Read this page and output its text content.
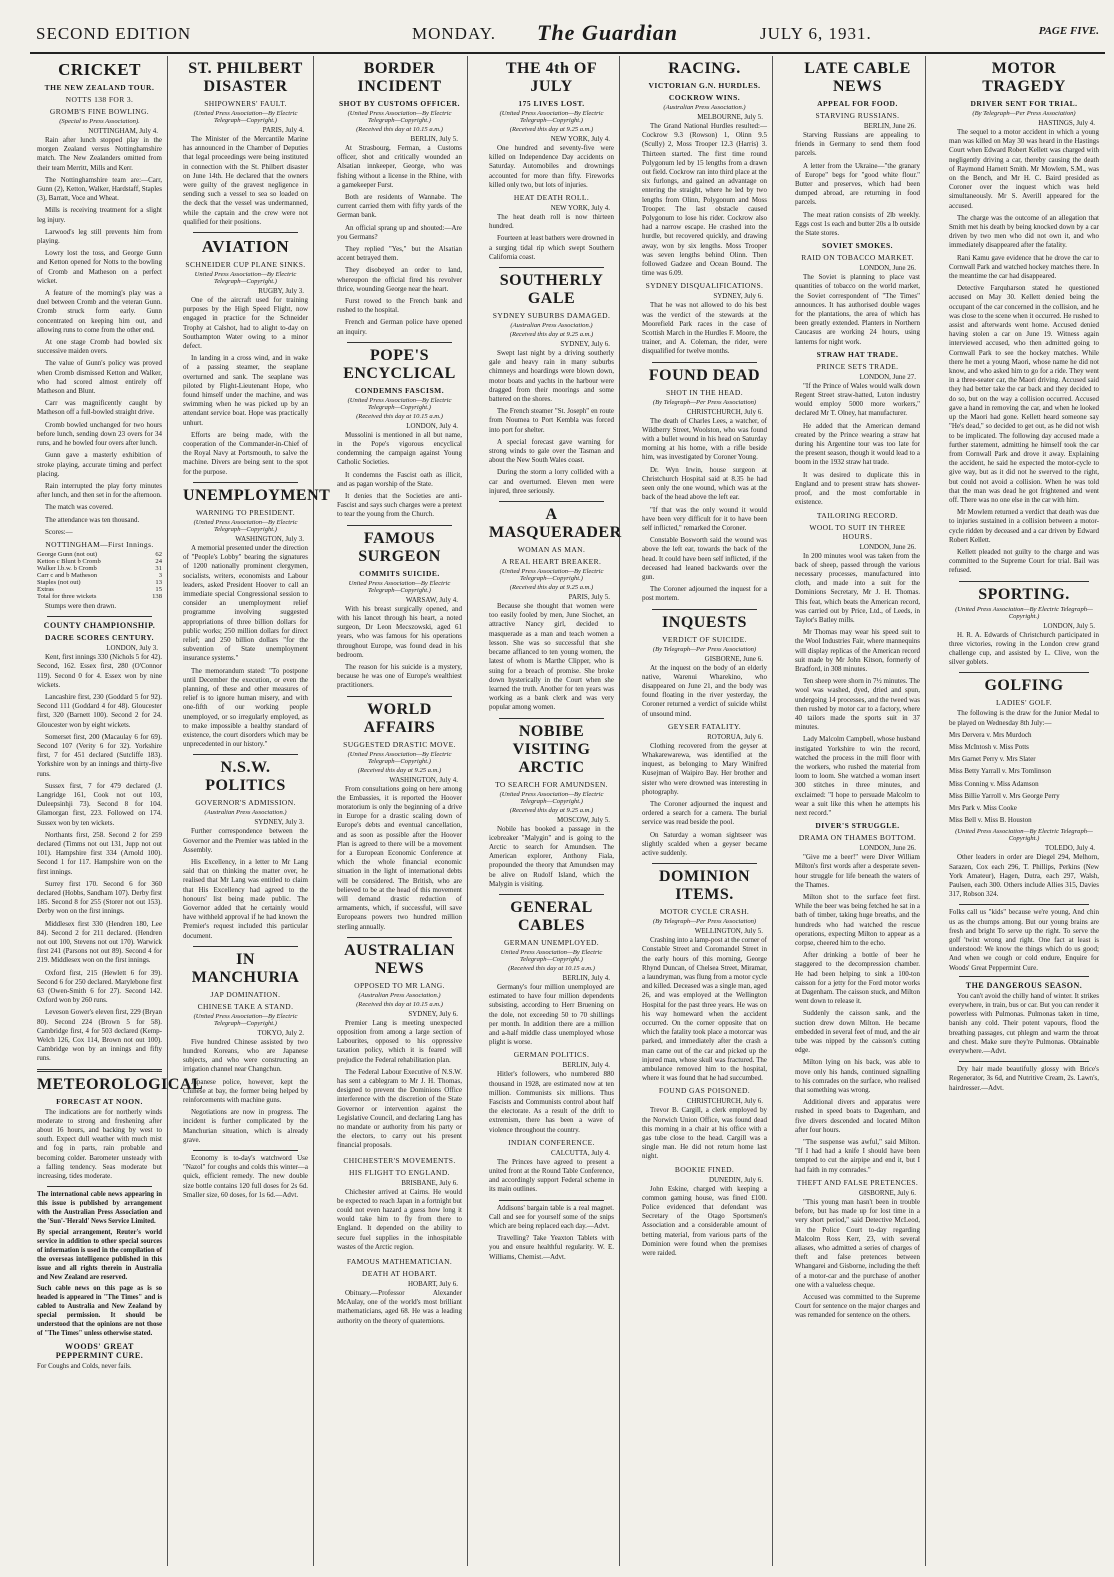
SECOND EDITION	MONDAY. The Guardian	JULY 6, 1931.	PAGE FIVE.
CRICKET
THE NEW ZEALAND TOUR.
NOTTS 138 FOR 3.
GROMB'S FINE BOWLING.
(Special to Press Association).
NOTTINGHAM, July 4.

Rain after lunch stopped play in the morgen Zealand versus Nottinghamshire match. The New Zealanders omitted from their team Merritt, Mills and Kerr.

The Nottinghamshire team are:—Carr, Gunn (2), Ketton, Walker, Hardstaff, Staples (3), Barratt, Voce and Wheat.

Mills is receiving treatment for a slight leg injury.

Larwood's leg still prevents him from playing.

Lowry lost the toss, and George Gunn and Ketton opened for Notts to the bowling of Cromb and Matheson on a perfect wicket.

A feature of the morning's play was a duel between Cromb and the veteran Gunn. Cromb struck form early. Gunn concentrated on keeping him out, and allowing runs to come from the other end.

At one stage Cromb had bowled six successive maiden overs.

The value of Gunn's policy was proved when Cromb dismissed Ketton and Walker, who had scored almost entirely off Matheson and Blunt.

Carr was magnificently caught by Matheson off a full-bowled straight drive.

Cromb bowled unchanged for two hours before lunch, sending down 23 overs for 34 runs, and he bowled four overs after lunch.

Gunn gave a masterly exhibition of stroke playing, accurate timing and perfect placing.

Rain interrupted the play forty minutes after lunch, and then set in for the afternoon.

The match was covered.

The attendance was ten thousand.

Scores:—

NOTTINGHAM—First Innings.
George Gunn (not out)	62
Ketton c Blunt b Cromb	24
Walker l.b.w. b Cromb	31
Carr c and b Matheson	3
Staples (not out)	13
Extras	15
Total for three wickets	138

Stumps were then drawn.

COUNTY CHAMPIONSHIP.
DACRE SCORES CENTURY.
LONDON, July 3.

Kent, first innings 330 (Nichols 5 for 42). Second, 162. Essex first, 280 (O'Connor 119). Second 0 for 4. Essex won by nine wickets.

Lancashire first, 230 (Goddard 5 for 92). Second 111 (Goddard 4 for 48). Gloucester first, 320 (Barnett 100). Second 2 for 24. Gloucester won by eight wickets.

Somerset first, 200 (Macaulay 6 for 69). Second 107 (Verity 6 for 32). Yorkshire first, 7 for 451 declared (Sutcliffe 183). Yorkshire won by an innings and thirty-five runs.

Sussex first, 7 for 479 declared (J. Langridge 161, Cook not out 103, Duleepsinhji 73). Second 8 for 104. Glamorgan first, 223. Followed on 174. Sussex won by ten wickets.

Northants first, 258. Second 2 for 259 declared (Timms not out 131, Jupp not out 101). Hampshire first 334 (Arnold 100). Second 1 for 117. Hampshire won on the first innings.

Surrey first 170. Second 6 for 360 declared (Hobbs, Sandham 107). Derby first 185. Second 8 for 255 (Storer not out 153). Derby won on the first innings.

Middlesex first 330 (Hendren 180, Lee 84). Second 2 for 211 declared. (Hendren not out 100, Stevens not out 170). Warwick first 241 (Parsons not out 89). Second 4 for 219. Middlesex won on the first innings.

Oxford first, 215 (Hewlett 6 for 39). Second 6 for 250 declared. Marylebone first 63 (Owen-Smith 6 for 27). Second 142. Oxford won by 260 runs.

Leveson Gower's eleven first, 229 (Bryan 80). Second 224 (Brown 5 for 58). Cambridge first, 4 for 503 declared (Kemp-Welch 126, Cox 114, Brown not out 100). Cambridge won by an innings and fifty runs.

METEOROLOGICAL
FORECAST AT NOON.

The indications are for northerly winds moderate to strong and freshening after about 16 hours, and backing by west to south. Expect dull weather with much mist and fog in parts, rain probable and becoming colder. Barometer unsteady with a falling tendency. Seas moderate but increasing, tides moderate.

The international cable news appearing in this issue is published by arrangement with the Australian Press Association and the 'Sun'-'Herald' News Service Limited.

By special arrangement, Reuter's world service in addition to other special sources of information is used in the compilation of the overseas intelligence published in this issue and all rights therein in Australia and New Zealand are reserved.

Such cable news on this page as is so headed is appeared in "The Times" and is cabled to Australia and New Zealand by special permission. It should be understood that the opinions are not those of "The Times" unless otherwise stated.

WOODS' GREAT PEPPERMINT CURE.

For Coughs and Colds, never fails.

ST. PHILBERT DISASTER
SHIPOWNERS' FAULT.
(United Press Association—By Electric Telegraph—Copyright.)
PARIS, July 4.

The Minister of the Mercantile Marine has announced in the Chamber of Deputies that legal proceedings were being instituted in connection with the St. Philbert disaster on June 14th. He declared that the owners were guilty of the gravest negligence in sending such a vessel to sea so loaded on the deck that the vessel was undermanned, while the captain and the crew were not qualified for their positions.

AVIATION
SCHNEIDER CUP PLANE SINKS.
United Press Association—By Electric Telegraph—Copyright.)
RUGBY, July 3.

One of the aircraft used for training purposes by the High Speed Flight, now engaged in practice for the Schneider Trophy at Calshot, had to alight to-day on Southampton Water owing to a minor defect.

In landing in a cross wind, and in wake of a passing steamer, the seaplane overturned and sank. The seaplane was piloted by Flight-Lieutenant Hope, who found himself under the machine, and was swimming when he was picked up by an attendant service boat. Hope was practically unhurt.

Efforts are being made, with the cooperation of the Commander-in-Chief of the Royal Navy at Portsmouth, to salve the machine. Divers are being sent to the spot for the purpose.

UNEMPLOYMENT
WARNING TO PRESIDENT.
(United Press Association—By Electric Telegraph—Copyright.)
WASHINGTON, July 3.

A memorial presented under the direction of "People's Lobby" bearing the signatures of 1200 nationally prominent clergymen, socialists, writers, economists and Labour leaders, asked President Hoover to call an immediate special Congressional session to consider an unemployment relief programme involving suggested appropriations of three billion dollars for public works; 250 million dollars for direct relief; and 250 billion dollars "for the subvention of State unemployment insurance systems."

The memorandum stated: "To postpone until December the execution, or even the planning, of these and other measures of relief is to ignore human misery, and with one-fifth of our working people unemployed, or so irregularly employed, as to make impossible a healthy standard of existence, the court disorders which may be unprecedented in our history."

N.S.W. POLITICS
GOVERNOR'S ADMISSION.
(Australian Press Association.)
SYDNEY, July 3.

Further correspondence between the Governor and the Premier was tabled in the Assembly.

His Excellency, in a letter to Mr Lang said that on thinking the matter over, he realised that Mr Lang was entitled to claim that His Excellency had agreed to the honours' list being made public. The Governor added that he certainly would have withheld approval if he had known the Premier's request included this particular document.

IN MANCHURIA
JAP DOMINATION.
CHINESE TAKE A STAND.
(United Press Association—By Electric Telegraph—Copyright.)
TOKYO, July 2.

Five hundred Chinese assisted by two hundred Koreans, who are Japanese subjects, and who were constructing an irrigation channel near Changchun.

Japanese police, however, kept the Chinese at bay, the former being helped by reinforcements with machine guns.

Negotiations are now in progress. The incident is further complicated by the Manchurian situation, which is already grave.

Economy is to-day's watchword Use "Nazol" for coughs and colds this winter—a quick, efficient remedy. The new double size bottle contains 120 full doses for 2s 6d. Smaller size, 60 doses, for 1s 6d.—Advt.

BORDER INCIDENT
SHOT BY CUSTOMS OFFICER.
(United Press Association—By Electric Telegraph—Copyright.)
(Received this day at 10.15 a.m.)
BERLIN, July 5.

At Strasbourg, Ferman, a Customs officer, shot and critically wounded an Alsatian innkeeper, George, who was fishing without a license in the Rhine, with a gamekeeper Furst.

Both are residents of Wannabe. The current carried them with fifty yards of the German bank.

An official sprang up and shouted:—Are you Germans?

They replied "Yes," but the Alsatian accent betrayed them.

They disobeyed an order to land, whereupon the official fired his revolver thrice, wounding George near the heart.

Furst rowed to the French bank and rushed to the hospital.

French and German police have opened an inquiry.

POPE'S ENCYCLICAL
CONDEMNS FASCISM.
(United Press Association—By Electric Telegraph—Copyright.)
(Received this day at 10.15 a.m.)
LONDON, July 4.

Mussolini is mentioned in all but name, in the Pope's vigorous encyclical condemning the campaign against Young Catholic Societies.

It condemns the Fascist oath as illicit, and as pagan worship of the State.

It denies that the Societies are anti-Fascist and says such charges were a pretext to tear the young from the Church.

FAMOUS SURGEON
COMMITS SUICIDE.
United Press Association—By Electric Telegraph—Copyright.)
WARSAW, July 4.

With his breast surgically opened, and with his lancet through his heart, a noted surgeon, Dr Leon Mecszowski, aged 61 years, who was famous for his operations throughout Europe, was found dead in his bedroom.

The reason for his suicide is a mystery, because he was one of Europe's wealthiest practitioners.

WORLD AFFAIRS
SUGGESTED DRASTIC MOVE.
(United Press Association—By Electric Telegraph—Copyright.)
(Received this day at 9.25 a.m.)
WASHINGTON, July 4.

From consultations going on here among the Embassies, it is reported the Hoover moratorium is only the beginning of a drive in Europe for a drastic scaling down of Europe's debts and eventual cancellation, and as soon as possible after the Hoover Plan is agreed to there will be a movement for a European Economic Conference at which the whole financial economic situation in the light of international debts will be considered. The British, who are believed to be at the head of this movement will demand drastic reduction of armaments, which, if successful, will save Europeans powers two hundred million sterling annually.

AUSTRALIAN NEWS
OPPOSED TO MR LANG.
(Australian Press Association.)
(Received this day at 10.15 a.m.)
SYDNEY, July 6.

Premier Lang is meeting unexpected opposition from among a large section of Labourites, opposed to his oppressive taxation policy, which it is feared will prejudice the Federal rehabilitation plan.

The Federal Labour Executive of N.S.W. has sent a cablegram to Mr J. H. Thomas, designed to prevent the Dominions Office interference with the discretion of the State Governor or intervention against the Legislative Council, and declaring Lang has no mandate or authority from his party or the electors, to carry out his present financial proposals.

CHICHESTER'S MOVEMENTS.
HIS FLIGHT TO ENGLAND.
BRISBANE, July 6.

Chichester arrived at Cairns. He would be expected to reach Japan in a fortnight but could not even hazard a guess how long it would take him to fly from there to England. It depended on the ability to secure fuel supplies in the inhospitable wastes of the Arctic region.

FAMOUS MATHEMATICIAN.
DEATH AT HOBART.
HOBART, July 6.

Obituary.—Professor Alexander McAulay, one of the world's most brilliant mathematicians, aged 68. He was a leading authority on the theory of quaternions.

THE 4th OF JULY
175 LIVES LOST.
(United Press Association—By Electric Telegraph—Copyright.)
(Received this day at 9.25 a.m.)
NEW YORK, July 4.

One hundred and seventy-five were killed on Independence Day accidents on Saturday. Automobiles and drownings accounted for more than fifty. Fireworks killed only two, but lots of injuries.

HEAT DEATH ROLL.
NEW YORK, July 4.

The heat death roll is now thirteen hundred.

Fourteen at least bathers were drowned in a surging tidal rip which swept Southern California coast.

SOUTHERLY GALE
SYDNEY SUBURBS DAMAGED.
(Australian Press Association.)
(Received this day at 9.25 a.m.)
SYDNEY, July 6.

Swept last night by a driving southerly gale and heavy rain in many suburbs chimneys and hoardings were blown down, motor boats and yachts in the harbour were dragged from their moorings and some battered on the shores.

The French steamer "St. Joseph" en route from Noumea to Port Kembla was forced into port for shelter.

A special forecast gave warning for strong winds to gale over the Tasman and about the New South Wales coast.

During the storm a lorry collided with a car and overturned. Eleven men were injured, three seriously.

A MASQUERADER
WOMAN AS MAN.
A REAL HEART BREAKER.
(United Press Association—By Electric Telegraph—Copyright.)
(Received this day at 9.25 a.m.)
PARIS, July 5.

Because she thought that women were too easily fooled by men, June Siochet, an attractive Nancy girl, decided to masquerade as a man and teach women a lesson. She was so successful that she became affianced to ten young women, the latest of whom is Marthe Clipper, who is suing for a breach of promise. She broke down hysterically in the Court when she learned the truth. Another for ten years was working as a bank clerk and was very popular among women.

NOBIBE VISITING ARCTIC
TO SEARCH FOR AMUNDSEN.
(United Press Association—By Electric Telegraph—Copyright.)
(Received this day at 9.25 a.m.)
MOSCOW, July 5.

Nobile has booked a passage in the icebreaker "Malygin" and is going to the Arctic to search for Amundsen. The American explorer, Anthony Fiala, propounded the theory that Amundsen may be alive on Rudolf Island, which the Malygin is visiting.

GENERAL CABLES
GERMAN UNEMPLOYED.
United Press Association—By Electric Telegraph—Copyright.)
(Received this day at 10.15 a.m.)
BERLIN, July 4.

Germany's four million unemployed are estimated to have four million dependents subsisting, according to Herr Bruening on the dole, not exceeding 50 to 70 shillings per month. In addition there are a million and a-half middle class unemployed whose plight is worse.

GERMAN POLITICS.
BERLIN, July 4.

Hitler's followers, who numbered 880 thousand in 1928, are estimated now at ten million. Communists six millions. Thus Fascists and Communists control about half the electorate. As a result of the drift to extremism, there has been a wave of violence throughout the country.

INDIAN CONFERENCE.
CALCUTTA, July 4.

The Princes have agreed to present a united front at the Round Table Conference, and accordingly support Federal scheme in its main outlines.

Addisons' bargain table is a real magnet. Call and see for yourself some of the snips which are being replaced each day.—Advt.

Travelling? Take Yeaxton Tablets with you and ensure healthful regularity. W. E. Williams, Chemist.—Advt.

RACING.
VICTORIAN G.N. HURDLES.
COCKROW WINS.
(Australian Press Association.)
MELBOURNE, July 5.

The Grand National Hurdles resulted:—Cockrow 9.3 (Rowson) 1, Olinn 9.5 (Scully) 2, Moss Trooper 12.3 (Harris) 3. Thirteen started. The first time round Polygonum led by 15 lengths from a drawn out field. Cockrow ran into third place at the six furlongs, and gained an advantage on entering the straight, where he led by two lengths from Olinn, Polygonum and Moss Trooper. The last obstacle caused Polygonum to lose his rider. Cockrow also had a narrow escape. He crashed into the hurdle, but recovered quickly, and drawing away, won by six lengths. Moss Trooper was seven lengths behind Olinn. Then followed Gadzee and Ocean Bound. The time was 6.09.

SYDNEY DISQUALIFICATIONS.
SYDNEY, July 6.

That he was not allowed to do his best was the verdict of the stewards at the Moorefield Park races in the case of Scottish March in the Hurdles F. Moore, the trainer, and A. Coleman, the rider, were disqualified for twelve months.

FOUND DEAD
SHOT IN THE HEAD.
(By Telegraph—Per Press Association)
CHRISTCHURCH, July 6.

The death of Charles Lees, a watcher, of Wildberry Street, Woolston, who was found with a bullet wound in his head on Saturday morning at his home, with a rifle beside him, was investigated by Coroner Young.

Dr. Wyn Irwin, house surgeon at Christchurch Hospital said at 8.35 he had seen only the one wound, which was at the back of the head above the left ear.

"If that was the only wound it would have been very difficult for it to have been self inflicted," remarked the Coroner.

Constable Bosworth said the wound was above the left ear, towards the back of the head. It could have been self inflicted, if the deceased had leaned backwards over the gun.

The Coroner adjourned the inquest for a post mortem.

INQUESTS
VERDICT OF SUICIDE.
(By Telegraph—Per Press Association)
GISBORNE, June 6.

At the inquest on the body of an elderly native, Warenui Wharekino, who disappeared on June 21, and the body was found floating in the river yesterday, the Coroner returned a verdict of suicide whilst of unsound mind.

GEYSER FATALITY.
ROTORUA, July 6.

Clothing recovered from the geyser at Whakarewarewa, was identified at the inquest, as belonging to Mary Winifred Kusejman of Waipiro Bay. Her brother and sister who were drowned was interesting in photography.

The Coroner adjourned the inquest and ordered a search for a camera. The burial service was read beside the pool.

On Saturday a woman sightseer was slightly scalded when a geyser became active suddenly.

DOMINION ITEMS.
MOTOR CYCLE CRASH.
(By Telegraph—Per Press Association)
WELLINGTON, July 5.

Crashing into a lamp-post at the corner of Constable Street and Coromandel Street in the early hours of this morning, George Rhynd Duncan, of Chelsea Street, Miramar, a laundryman, was flung from a motor cycle and killed. Deceased was a single man, aged 26, and was employed at the Wellington Hospital for the past three years. He was on his way homeward when the accident occurred. On the corner opposite that on which the fatality took place a motorcar was parked, and immediately after the crash a man came out of the car and picked up the injured man, whose skull was fractured. The ambulance removed him to the hospital, where it was found that he had succumbed.

FOUND GAS POISONED.
CHRISTCHURCH, July 6.

Trevor B. Cargill, a clerk employed by the Norwich Union Office, was found dead this morning in a chair at his office with a gas tube close to the head. Cargill was a single man. He did not return home last night.

BOOKIE FINED.
DUNEDIN, July 6.

John Eskine, charged with keeping a common gaming house, was fined £100. Police evidenced that defendant was Secretary of the Otago Sportsmen's Association and a considerable amount of betting material, from various parts of the Dominion were found when the premises were raided.

LATE CABLE NEWS
APPEAL FOR FOOD.
STARVING RUSSIANS.
BERLIN, June 26.

Starving Russians are appealing to friends in Germany to send them food parcels.

A letter from the Ukraine—"the granary of Europe" begs for "good white flour." Butter and preserves, which had been dumped abroad, are returning in food parcels.

The meat ration consists of 2lb weekly. Eggs cost 1s each and butter 20s a lb outside the State stores.

SOVIET SMOKES.
RAID ON TOBACCO MARKET.
LONDON, June 26.

The Soviet is planning to place vast quantities of tobacco on the world market, the Soviet correspondent of "The Times" announces. It has authorised double wages for the plantations, the area of which has been greatly extended. Planters in Northern Caucasus are working 24 hours, using lanterns for night work.

STRAW HAT TRADE.
PRINCE SETS TRADE.
LONDON, June 27.

"If the Prince of Wales would walk down Regent Street straw-hatted, Luton industry would employ 5000 more workers," declared Mr T. Olney, hat manufacturer.

He added that the American demand created by the Prince wearing a straw hat during his Argentine tour was too late for the present season, though it would lead to a boom in the 1932 straw hat trade.

It was desired to duplicate this in England and to present straw hats shower-proof, and the most comfortable in existence.

TAILORING RECORD.
WOOL TO SUIT IN THREE HOURS.
LONDON, June 26.

In 200 minutes wool was taken from the back of sheep, passed through the various necessary processes, manufactured into cloth, and made into a suit for the Dominions Secretary, Mr J. H. Thomas. This feat, which beats the American record, was carried out by Price, Ltd., of Leeds, in Taylor's Batley mills.

Mr Thomas may wear his speed suit to the Wool Industries Fair, where mannequins will display replicas of the American record suit made by Mr John Kitson, formerly of Bradford, in 308 minutes.

Ten sheep were shorn in 7½ minutes. The wool was washed, dyed, dried and spun, undergoing 14 processes, and the tweed was then rushed by motor car to a factory, where 40 tailors made the sports suit in 37 minutes.

Lady Malcolm Campbell, whose husband instigated Yorkshire to win the record, watched the process in the mill floor with the workers, who rushed the material from loom to loom. She watched a woman insert 300 stitches in three minutes, and exclaimed: "I hope to persuade Malcolm to wear a suit like this when he attempts his next record."

DIVER'S STRUGGLE.
DRAMA ON THAMES BOTTOM.
LONDON, June 26.

"Give me a beer!" were Diver William Milton's first words after a desperate seven-hour struggle for life beneath the waters of the Thames.

Milton shot to the surface feet first. While the beer was being fetched he sat in a bath of timber, taking huge breaths, and the hundreds who had watched the rescue operations, expecting Milton to appear as a corpse, cheered him to the echo.

After drinking a bottle of beer he staggered to the decompression chamber. He had been helping to sink a 100-ton caisson for a jetty for the Ford motor works at Dagenham. The caisson stuck, and Milton went down to release it.

Suddenly the caisson sank, and the suction drew down Milton. He became embedded in several feet of mud, and the air tube was nipped by the caisson's cutting edge.

Milton lying on his back, was able to move only his hands, continued signalling to his comrades on the surface, who realised that something was wrong.

Additional divers and apparatus were rushed in speed boats to Dagenham, and five divers descended and located Milton after four hours.

"The suspense was awful," said Milton. "If I had had a knife I should have been tempted to cut the airpipe and end it, but I had faith in my comrades."

THEFT AND FALSE PRETENCES.
GISBORNE, July 6.

"This young man hasn't been in trouble before, but has made up for lost time in a very short period," said Detective McLeod, in the Police Court to-day regarding Malcolm Ross Kerr, 23, with several aliases, who admitted a series of charges of theft and false pretences between Whangarei and Gisborne, including the theft of a motor-car and the purchase of another one with a valueless cheque.

Accused was committed to the Supreme Court for sentence on the major charges and was remanded for sentence on the others.

MOTOR TRAGEDY
DRIVER SENT FOR TRIAL.
(By Telegraph—Per Press Association)
HASTINGS, July 4.

The sequel to a motor accident in which a young man was killed on May 30 was heard in the Hastings Court when Edward Robert Kellett was charged with negligently driving a car, thereby causing the death of Raymond Harnett Smith. Mr Mowlem, S.M., was on the Bench, and Mr H. C. Baird presided as Coroner over the inquest which was held simultaneously. Mr S. Averill appeared for the accused.

The charge was the outcome of an allegation that Smith met his death by being knocked down by a car driven by two men who did not own it, and who immediately disappeared after the fatality.

Rani Kamu gave evidence that he drove the car to Cornwall Park and watched hockey matches there. In the meantime the car had disappeared.

Detective Farquharson stated he questioned accused on May 30. Kellett denied being the occupant of the car concerned in the collision, and he was close to the scene when it occurred. He rushed to assist and afterwards went home. Accused denied having stolen a car on June 19. Witness again interviewed accused, who then admitted going to Cornwall Park to see the hockey matches. While there he met a young Maori, whose name he did not know, and who asked him to go for a ride. They went in a three-seater car, the Maori driving. Accused said they had better take the car back and they decided to do so, but on the way a collision occurred. Accused gave a hand in removing the car, and when he looked up the Maori had gone. Kellett heard someone say "He's dead," so decided to get out, as he did not wish to be implicated. The following day accused made a further statement, admitting he himself took the car from Cornwall Park and drove it away. Explaining the accident, he said he expected the motor-cycle to give way, but as it did not he swerved to the right, but could not avoid a collision. When he was told that the man was dead he got frightened and went off. There was no one else in the car with him.

Mr Mowlem returned a verdict that death was due to injuries sustained in a collision between a motor-cycle ridden by deceased and a car driven by Edward Robert Kellett.

Kellett pleaded not guilty to the charge and was committed to the Supreme Court for trial. Bail was refused.

SPORTING.
(United Press Association—By Electric Telegraph—Copyright.)
LONDON, July 5.

H. R. A. Edwards of Christchurch participated in three victories, rowing in the London crew grand challenge cup, and assisted by L. Clive, won the silver goblets.

GOLFING
LADIES' GOLF.

The following is the draw for the Junior Medal to be played on Wednesday 8th July:—

Mrs Dervera v. Mrs Murdoch
Miss McIntosh v. Miss Potts
Mrs Garnet Perry v. Mrs Slater
Miss Betty Yarrall v. Mrs Tomlinson
Miss Conning v. Miss Adamson
Miss Billie Yarroll v. Mrs George Perry
Mrs Park v. Miss Cooke
Miss Bell v. Miss B. Houston
(United Press Association—By Electric Telegraph—Copyright.)
TOLEDO, July 4.

Other leaders in order are Diegel 294, Melhorn, Sarazen, Cox each 296, T. Phillips, Perkins (New York Amateur), Hagen, Dutra, each 297, Walsh, Paulsen, each 300. Others include Allies 315, Davies 317, Robson 324.

Folks call us "kids" because we're young, And chin us as the chumps among. But our young brains are fresh and bright To serve up the right. To serve the golf 'twixt wrong and right. One fact at least is understood: We know the things which do us good; And when we cough or cold endure, Enquire for Woods' Great Peppermint Cure.

THE DANGEROUS SEASON.

You can't avoid the chilly hand of winter. It strikes everywhere, in train, bus or car. But you can render it powerless with Pulmonas. Pulmonas taken in time, banish any cold. Their potent vapours, flood the breathing passages, cut phlegm and warm the throat and chest. Make sure they're Pulmonas. Obtainable everywhere.—Advt.

Dry hair made beautifully glossy with Brice's Regenerator, 3s 6d, and Nutritive Cream, 2s. Lawn's, hairdresser.—Advt.
